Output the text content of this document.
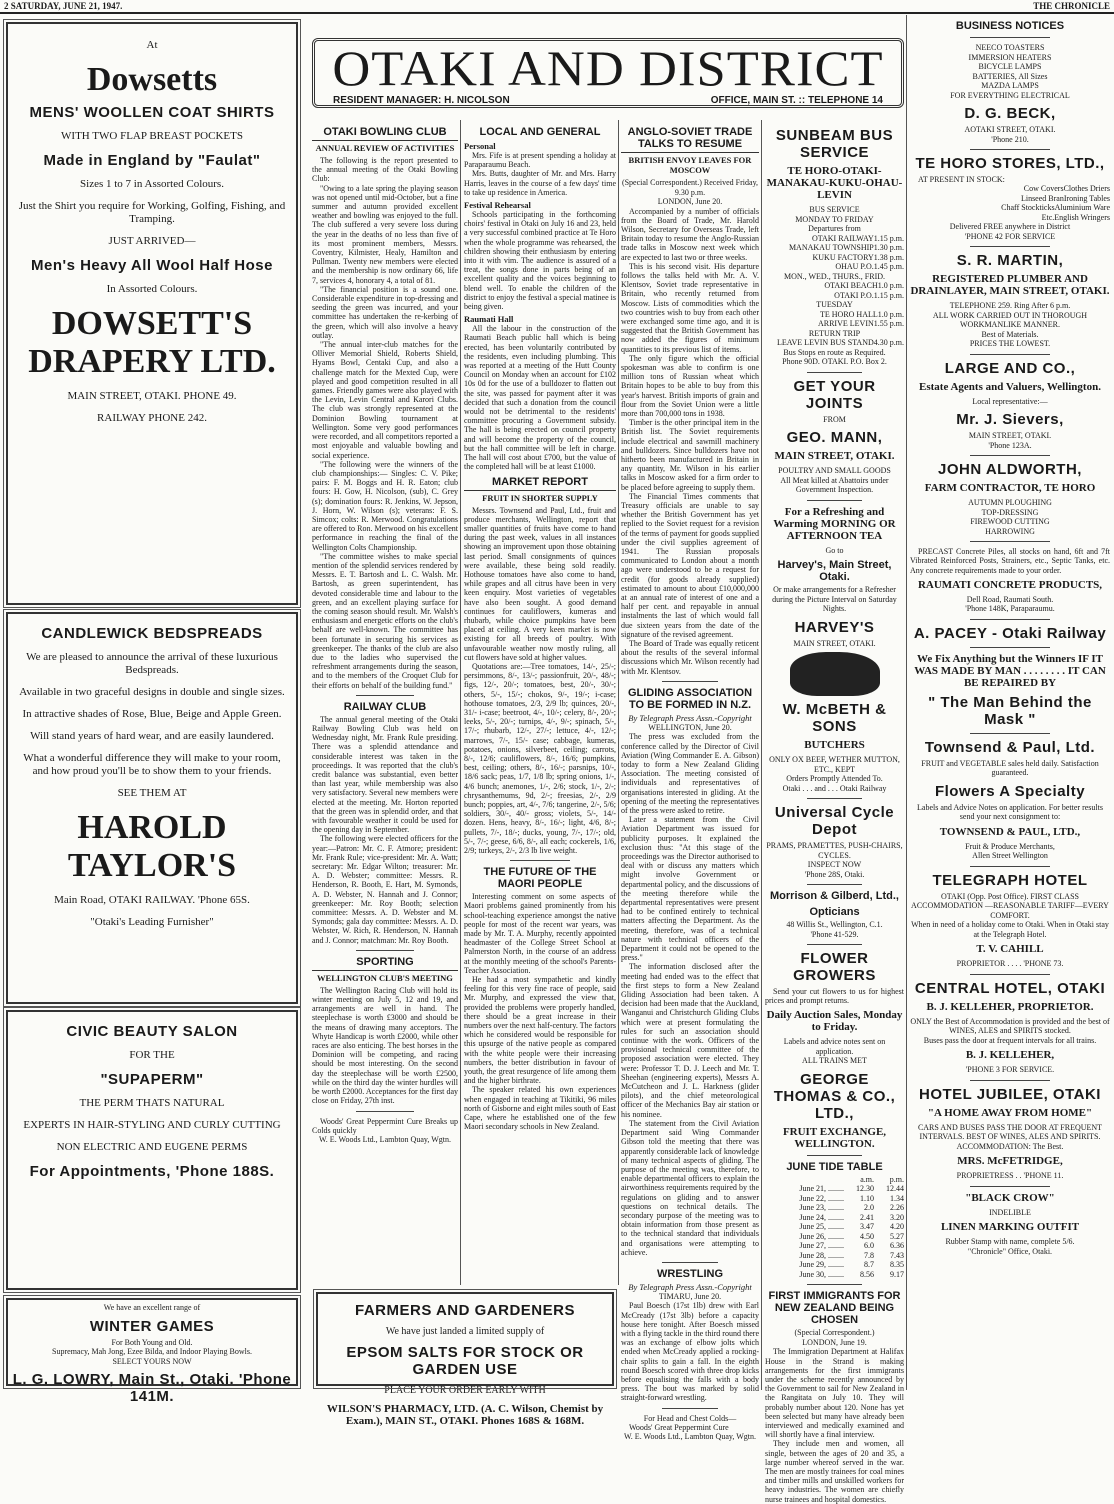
2 SATURDAY, JUNE 21, 1947.	THE CHRONICLE
OTAKI AND DISTRICT
RESIDENT MANAGER: H. NICOLSON	OFFICE, MAIN ST. :: TELEPHONE 14
At
Dowsetts
MENS' WOOLLEN COAT SHIRTS
WITH TWO FLAP BREAST POCKETS
Made in England by "Faulat"
Sizes 1 to 7 in Assorted Colours.
Just the Shirt you require for Working, Golfing, Fishing, and Tramping.
JUST ARRIVED—
Men's Heavy All Wool Half Hose
In Assorted Colours.
DOWSETT'S DRAPERY LTD.
MAIN STREET, OTAKI. PHONE 49.
RAILWAY PHONE 242.
CANDLEWICK BEDSPREADS
We are pleased to announce the arrival of these luxurious Bedspreads.
Available in two graceful designs in double and single sizes.
In attractive shades of Rose, Blue, Beige and Apple Green.
Will stand years of hard wear, and are easily laundered.
What a wonderful difference they will make to your room, and how proud you'll be to show them to your friends.
SEE THEM AT
HAROLD TAYLOR'S
Main Road, OTAKI RAILWAY. 'Phone 65S.
"Otaki's Leading Furnisher"
CIVIC BEAUTY SALON
FOR THE
"SUPAPERM"
THE PERM THATS NATURAL
EXPERTS IN HAIR-STYLING AND CURLY CUTTING
NON ELECTRIC AND EUGENE PERMS
For Appointments, 'Phone 188S.
We have an excellent range of
WINTER GAMES
For Both Young and Old.
Supremacy, Mah Jong, Ezee Bilda, and Indoor Playing Bowls.
SELECT YOURS NOW
L. G. LOWRY, Main St., Otaki. 'Phone 141M.
OTAKI BOWLING CLUB
ANNUAL REVIEW OF ACTIVITIES
The following is the report presented to the annual meeting of the Otaki Bowling Club:
"Owing to a late spring the playing season was not opened until mid-October, but a fine summer and autumn provided excellent weather and bowling was enjoyed to the full. The club suffered a very severe loss during the year in the deaths of no less than five of its most prominent members, Messrs. Coventry, Kilmister, Healy, Hamilton and Pullman. Twenty new members were elected and the membership is now ordinary 66, life 7, services 4, honorary 4, a total of 81.
"The financial position is a sound one. Considerable expenditure in top-dressing and seeding the green was incurred, and your committee has undertaken the re-kerbing of the green, which will also involve a heavy outlay.
"The annual inter-club matches for the Olliver Memorial Shield, Roberts Shield, Hyams Bowl, Centaki Cup, and also a challenge match for the Mexted Cup, were played and good competition resulted in all games. Friendly games were also played with the Levin, Levin Central and Karori Clubs. The club was strongly represented at the Dominion Bowling tournament at Wellington. Some very good performances were recorded, and all competitors reported a most enjoyable and valuable bowling and social experience.
"The following were the winners of the club championships:— Singles: C. V. Pike; pairs: F. M. Boggs and H. R. Eaton; club fours: H. Gow, H. Nicolson, (sub), C. Grey (s); domination fours: R. Jenkins, W. Jepson, J. Horn, W. Wilson (s); veterans: F. S. Simcox; colts: R. Merwood. Congratulations are offered to Ron. Merwood on his excellent performance in reaching the final of the Wellington Colts Championship.
"The committee wishes to make special mention of the splendid services rendered by Messrs. E. T. Bartosh and L. C. Walsh. Mr. Bartosh, as green superintendent, has devoted considerable time and labour to the green, and an excellent playing surface for the coming season should result. Mr. Walsh's enthusiasm and energetic efforts on the club's behalf are well-known. The committee has been fortunate in securing his services as greenkeeper. The thanks of the club are also due to the ladies who supervised the refreshment arrangements during the season, and to the members of the Croquet Club for their efforts on behalf of the building fund."
RAILWAY CLUB
The annual general meeting of the Otaki Railway Bowling Club was held on Wednesday night, Mr. Frank Rule presiding. There was a splendid attendance and considerable interest was taken in the proceedings. It was reported that the club's credit balance was substantial, even better than last year, while membership was also very satisfactory. Several new members were elected at the meeting. Mr. Horton reported that the green was in splendid order, and that with favourable weather it could be used for the opening day in September.
The following were elected officers for the year:—Patron: Mr. C. F. Atmore; president: Mr. Frank Rule; vice-president: Mr. A. Watt; secretary: Mr. Edgar Wilton; treasurer: Mr. A. D. Webster; committee: Messrs. R. Henderson, R. Booth, E. Hart, M. Symonds, A. D. Webster, N. Hannah and J. Connor; greenkeeper: Mr. Roy Booth; selection committee: Messrs. A. D. Webster and M. Symonds; gala day committee: Messrs. A. D. Webster, W. Rich, R. Henderson, N. Hannah and J. Connor; matchman: Mr. Roy Booth.
SPORTING
WELLINGTON CLUB'S MEETING
The Wellington Racing Club will hold its winter meeting on July 5, 12 and 19, and arrangements are well in hand. The steeplechase is worth £3000 and should be the means of drawing many acceptors. The Whyte Handicap is worth £2000, while other races are also enticing. The best horses in the Dominion will be competing, and racing should be most interesting. On the second day the steeplechase will be worth £2500, while on the third day the winter hurdles will be worth £2000. Acceptances for the first day close on Friday, 27th inst.
Woods' Great Peppermint Cure Breaks up Colds quickly
W. E. Woods Ltd., Lambton Quay, Wgtn.
LOCAL AND GENERAL
Personal
Mrs. Fife is at present spending a holiday at Paraparaumu Beach.
Mrs. Butts, daughter of Mr. and Mrs. Harry Harris, leaves in the course of a few days' time to take up residence in America.
Festival Rehearsal
Schools participating in the forthcoming choirs' festival in Otaki on July 16 and 23, held a very successful combined practice at Te Horo when the whole programme was rehearsed, the children showing their enthusiasm by entering into it with vim. The audience is assured of a treat, the songs done in parts being of an excellent quality and the voices beginning to blend well. To enable the children of the district to enjoy the festival a special matinee is being given.
Raumati Hall
All the labour in the construction of the Raumati Beach public hall which is being erected, has been voluntarily contributed by the residents, even including plumbing. This was reported at a meeting of the Hutt County Council on Monday when an account for £102 10s 0d for the use of a bulldozer to flatten out the site, was passed for payment after it was decided that such a donation from the council would not be detrimental to the residents' committee procuring a Government subsidy. The hall is being erected on council property and will become the property of the council, but the hall committee will be left in charge. The hall will cost about £700, but the value of the completed hall will be at least £1000.
MARKET REPORT
FRUIT IN SHORTER SUPPLY
Messrs. Townsend and Paul, Ltd., fruit and produce merchants, Wellington, report that smaller quantities of fruits have come to hand during the past week, values in all instances showing an improvement upon those obtaining last period. Small consignments of quinces were available, these being sold readily. Hothouse tomatoes have also come to hand, while grapes and all citrus have been in very keen enquiry. Most varieties of vegetables have also been sought. A good demand continues for cauliflowers, kumeras and rhubarb, while choice pumpkins have been placed at ceiling. A very keen market is now existing for all breeds of poultry. With unfavourable weather now mostly ruling, all cut flowers have sold at higher values.
Quotations are:—Tree tomatoes, 14/-, 25/-; persimmons, 8/-, 13/-; passionfruit, 20/-, 48/-; figs, 12/-, 20/-; tomatoes, best, 20/-, 30/-; others, 5/-, 15/-; chokos, 9/-, 19/-; i-case; hothouse tomatoes, 2/3, 2/9 lb; quinces, 20/-, 31/- i-case; beetroot, 4/-, 10/-; celery, 8/-, 20/-; leeks, 5/-, 20/-; turnips, 4/-, 9/-; spinach, 5/-, 17/-; rhubarb, 12/-, 27/-; lettuce, 4/-, 12/-; marrows, 7/-, 15/- case; cabbage, kumeras, potatoes, onions, silverbeet, ceiling; carrots, 8/-, 12/6; cauliflowers, 8/-, 16/6; pumpkins, best, ceiling; others, 8/-, 16/-; parsnips, 10/-, 18/6 sack; peas, 1/7, 1/8 lb; spring onions, 1/-, 4/6 bunch; anemones, 1/-, 2/6; stock, 1/-, 2/-; chrysanthemums, 9d, 2/-; freesias, 2/-, 2/9 bunch; poppies, art, 4/-, 7/6; tangerine, 2/-, 5/6; soldiers, 30/-, 40/- gross; violets, 5/-, 14/- dozen. Hens, heavy, 8/-, 16/-; light, 4/6, 8/-; pullets, 7/-, 18/-; ducks, young, 7/-, 17/-; old, 5/-, 7/-; geese, 6/6, 8/-, all each; cockerels, 1/6, 2/9; turkeys, 2/-, 2/3 lb live weight.
THE FUTURE OF THE MAORI PEOPLE
Interesting comment on some aspects of Maori problems gained prominently from his school-teaching experience amongst the native people for most of the recent war years, was made by Mr. T. A. Murphy, recently appointed headmaster of the College Street School at Palmerston North, in the course of an address at the monthly meeting of the school's Parents-Teacher Association.
He had a most sympathetic and kindly feeling for this very fine race of people, said Mr. Murphy, and expressed the view that, provided the problems were properly handled, there should be a great increase in their numbers over the next half-century. The factors which he considered would be responsible for this upsurge of the native people as compared with the white people were their increasing numbers, the better distribution in favour of youth, the great resurgence of life among them and the higher birthrate.
The speaker related his own experiences when engaged in teaching at Tikitiki, 96 miles north of Gisborne and eight miles south of East Cape, where he established one of the few Maori secondary schools in New Zealand.
ANGLO-SOVIET TRADE TALKS TO RESUME
BRITISH ENVOY LEAVES FOR MOSCOW
(Special Correspondent.) Received Friday, 9.30 p.m.
LONDON, June 20.
Accompanied by a number of officials from the Board of Trade, Mr. Harold Wilson, Secretary for Overseas Trade, left Britain today to resume the Anglo-Russian trade talks in Moscow next week which are expected to last two or three weeks.
This is his second visit. His departure follows the talks held with Mr. A. V. Klentsov, Soviet trade representative in Britain, who recently returned from Moscow. Lists of commodities which the two countries wish to buy from each other were exchanged some time ago, and it is suggested that the British Government has now added the figures of minimum quantities to its previous list of items.
The only figure which the official spokesman was able to confirm is one million tons of Russian wheat which Britain hopes to be able to buy from this year's harvest. British imports of grain and flour from the Soviet Union were a little more than 700,000 tons in 1938.
Timber is the other principal item in the British list. The Soviet requirements include electrical and sawmill machinery and bulldozers. Since bulldozers have not hitherto been manufactured in Britain in any quantity, Mr. Wilson in his earlier talks in Moscow asked for a firm order to be placed before agreeing to supply them.
The Financial Times comments that Treasury officials are unable to say whether the British Government has yet replied to the Soviet request for a revision of the terms of payment for goods supplied under the civil supplies agreement of 1941. The Russian proposals communicated to London about a month ago were understood to be a request for credit (for goods already supplied) estimated to amount to about £10,000,000 at an annual rate of interest of one and a half per cent. and repayable in annual instalments the last of which would fall due sixteen years from the date of the signature of the revised agreement.
The Board of Trade was equally reticent about the results of the several informal discussions which Mr. Wilson recently had with Mr. Klentsov.
GLIDING ASSOCIATION TO BE FORMED IN N.Z.
By Telegraph Press Assn.-Copyright
WELLINGTON, June 20.
The press was excluded from the conference called by the Director of Civil Aviation (Wing Commander E. A. Gibson) today to form a New Zealand Gliding Association. The meeting consisted of individuals and representatives of organisations interested in gliding. At the opening of the meeting the representatives of the press were asked to retire.
Later a statement from the Civil Aviation Department was issued for publicity purposes. It explained the exclusion thus: "At this stage of the proceedings was the Director authorised to deal with or discuss any matters which might involve Government or departmental policy, and the discussions of the meeting therefore while the departmental representatives were present had to be confined entirely to technical matters affecting the Department. As the meeting, therefore, was of a technical nature with technical officers of the Department it could not be opened to the press."
The information disclosed after the meeting had ended was to the effect that the first steps to form a New Zealand Gliding Association had been taken. A decision had been made that the Auckland, Wanganui and Christchurch Gliding Clubs which were at present formulating the rules for such an association should continue with the work. Officers of the provisional technical committee of the proposed association were elected. They were: Professor T. D. J. Leech and Mr. T. Sheehan (engineering experts), Messrs A. McCutcheon and J. L. Harkness (glider pilots), and the chief meteorological officer of the Mechanics Bay air station or his nominee.
The statement from the Civil Aviation Department said Wing Commander Gibson told the meeting that there was apparently considerable lack of knowledge of many technical aspects of gliding. The purpose of the meeting was, therefore, to enable departmental officers to explain the airworthiness requirements required by the regulations on gliding and to answer questions on technical details. The secondary purpose of the meeting was to obtain information from those present as to the technical standard that individuals and organisations were attempting to achieve.
WRESTLING
By Telegraph Press Assn.-Copyright
TIMARU, June 20.
Paul Boesch (17st 1lb) drew with Earl McCready (17st 3lb) before a capacity house here tonight. After Boesch missed with a flying tackle in the third round there was an exchange of elbow jolts which ended when McCready applied a rocking-chair splits to gain a fall. In the eighth round Boesch scored with three drop kicks before equalising the falls with a body press. The bout was marked by solid straight-forward wrestling.
For Head and Chest Colds—
Woods' Great Peppermint Cure
W. E. Woods Ltd., Lambton Quay, Wgtn.
SUNBEAM BUS SERVICE
TE HORO-OTAKI-MANAKAU-KUKU-OHAU-LEVIN
BUS SERVICE
MONDAY TO FRIDAY
Departures from
OTAKI RAILWAY 1.15 p.m.
MANAKAU TOWNSHIP 1.30 p.m.
KUKU FACTORY 1.38 p.m.
OHAU P.O. 1.45 p.m.
MON., WED., THURS., FRID.
OTAKI BEACH 1.0 p.m.
OTAKI P.O. 1.15 p.m.
TUESDAY
TE HORO HALL 1.0 p.m.
ARRIVE LEVIN 1.55 p.m.
RETURN TRIP
LEAVE LEVIN BUS STAND 4.30 p.m.
Bus Stops en route as Required.
Phone 90D. OTAKI. P.O. Box 2.
GET YOUR JOINTS
FROM
GEO. MANN,
MAIN STREET, OTAKI.
POULTRY AND SMALL GOODS
All Meat killed at Abattoirs under Government Inspection.
For a Refreshing and Warming MORNING OR AFTERNOON TEA
Go to
Harvey's, Main Street, Otaki.
Or make arrangements for a Refresher during the Picture Interval on Saturday Nights.
HARVEY'S
MAIN STREET, OTAKI.
W. McBETH & SONS
BUTCHERS
ONLY OX BEEF, WETHER MUTTON, ETC., KEPT
Orders Promptly Attended To.
Otaki . . . and . . . Otaki Railway
Universal Cycle Depot
PRAMS, PRAMETTES, PUSH-CHAIRS, CYCLES.
INSPECT NOW
'Phone 28S, Otaki.
Morrison & Gilberd, Ltd.,
Opticians
48 Willis St., Wellington, C.1.
'Phone 41-529.
FLOWER GROWERS
Send your cut flowers to us for highest prices and prompt returns.
Daily Auction Sales, Monday to Friday.
Labels and advice notes sent on application.
ALL TRAINS MET
GEORGE THOMAS & CO., LTD.,
FRUIT EXCHANGE, WELLINGTON.
JUNE TIDE TABLE
a.m.	p.m.
June 21, ........	12.30	12.44
June 22, ........	1.10	1.34
June 23, ........	2.0	2.26
June 24, ........	2.41	3.20
June 25, ........	3.47	4.20
June 26, ........	4.50	5.27
June 27, ........	6.0	6.36
June 28, ........	7.8	7.43
June 29, ........	8.7	8.35
June 30, ........	8.56	9.17
FIRST IMMIGRANTS FOR NEW ZEALAND BEING CHOSEN
(Special Correspondent.)
LONDON, June 19.
The Immigration Department at Halifax House in the Strand is making arrangements for the first immigrants under the scheme recently announced by the Government to sail for New Zealand in the Rangitata on July 10. They will probably number about 120. None has yet been selected but many have already been interviewed and medically examined and will shortly have a final interview.
They include men and women, all single, between the ages of 20 and 35, a large number whereof served in the war. The men are mostly trainees for coal mines and timber mills and unskilled workers for heavy industries. The women are chiefly nurse trainees and hospital domestics.
BUSINESS NOTICES
NEECO TOASTERS
IMMERSION HEATERS
BICYCLE LAMPS
BATTERIES, All Sizes
MAZDA LAMPS
FOR EVERYTHING ELECTRICAL
D. G. BECK,
AOTAKI STREET, OTAKI.
'Phone 210.
TE HORO STORES, LTD.,
AT PRESENT IN STOCK:
Cow Covers Clothes Driers
Linseed Bran Ironing Tables
Chaff Stockticks Aluminium Ware
Etc. English Wringers
Delivered FREE anywhere in District
'PHONE 42 FOR SERVICE
S. R. MARTIN,
REGISTERED PLUMBER AND DRAINLAYER, MAIN STREET, OTAKI.
TELEPHONE 259. Ring After 6 p.m.
ALL WORK CARRIED OUT IN THOROUGH WORKMANLIKE MANNER.
Best of Materials.
PRICES THE LOWEST.
LARGE AND CO.,
Estate Agents and Valuers, Wellington.
Local representative:—
Mr. J. Sievers,
MAIN STREET, OTAKI.
'Phone 123A.
JOHN ALDWORTH,
FARM CONTRACTOR, TE HORO
AUTUMN PLOUGHING
TOP-DRESSING
FIREWOOD CUTTING
HARROWING
PRECAST Concrete Piles, all stocks on hand, 6ft and 7ft Vibrated Reinforced Posts, Strainers, etc., Septic Tanks, etc. Any concrete requirements made to your order.
RAUMATI CONCRETE PRODUCTS,
Dell Road, Raumati South.
'Phone 148K, Paraparaumu.
A. PACEY - Otaki Railway
We Fix Anything but the Winners IF IT WAS MADE BY MAN . . . . . . . . IT CAN BE REPAIRED BY
" The Man Behind the Mask "
Townsend & Paul, Ltd.
FRUIT and VEGETABLE sales held daily. Satisfaction guaranteed.
Flowers A Specialty
Labels and Advice Notes on application. For better results send your next consignment to:
TOWNSEND & PAUL, LTD.,
Fruit & Produce Merchants,
Allen Street Wellington
TELEGRAPH HOTEL
OTAKI (Opp. Post Office). FIRST CLASS ACCOMMODATION —REASONABLE TARIFF—EVERY COMFORT.
When in need of a holiday come to Otaki. When in Otaki stay at the Telegraph Hotel.
T. V. CAHILL
PROPRIETOR . . . . 'PHONE 73.
CENTRAL HOTEL, OTAKI
B. J. KELLEHER, PROPRIETOR.
ONLY the Best of Accommodation is provided and the best of WINES, ALES and SPIRITS stocked.
Buses pass the door at frequent intervals for all trains.
B. J. KELLEHER,
'PHONE 3 FOR SERVICE.
HOTEL JUBILEE, OTAKI
"A HOME AWAY FROM HOME"
CARS AND BUSES PASS THE DOOR AT FREQUENT INTERVALS. BEST OF WINES, ALES AND SPIRITS.
ACCOMMODATION: The Best.
MRS. McFETRIDGE,
PROPRIETRESS . . 'PHONE 11.
"BLACK CROW"
INDELIBLE
LINEN MARKING OUTFIT
Rubber Stamp with name, complete 5/6.
"Chronicle" Office, Otaki.
FARMERS AND GARDENERS
We have just landed a limited supply of
EPSOM SALTS FOR STOCK OR GARDEN USE
PLACE YOUR ORDER EARLY WITH
WILSON'S PHARMACY, LTD. (A. C. Wilson, Chemist by Exam.), MAIN ST., OTAKI. Phones 168S & 168M.
